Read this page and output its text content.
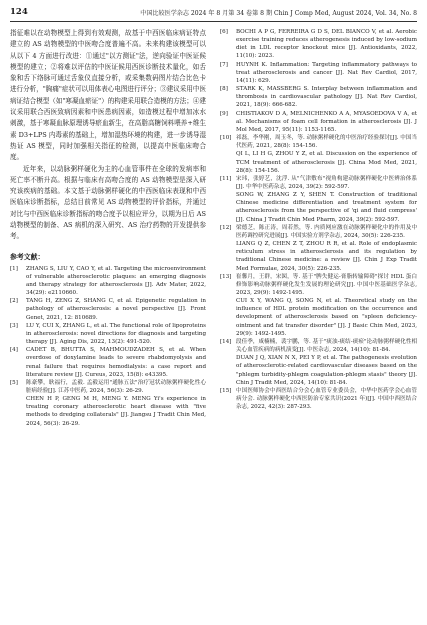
124	中国比较医学杂志 2024 年 8 月第 34 卷第 8 期 Chin J Comp Med, August 2024, Vol. 34, No. 8

指征难以在动物模型上得到有效观测，故基于中西医临床病证特点建立的 AS 动物模型的中医吻合度普遍不高。未来构建该模型可以从以下 4 方面进行改进：①通过"以方测证"法，逆向验证中医证候模型的建立；②将难以评估的中医证候用西医诊断技术量化，如舌象和舌下络脉可通过舌象仪直接分析，或采集数码图片结合比色卡进行分析，"胸痛"症状可以用体表心电图进行评分；③建议采用中医病证结合模型（如"寒凝血瘀证"）的构建采用联合造模的方法；④建议采用联合西医致病因素和中医患病因素，如造模过程中增加冰水刺激，基于寒凝血脉原理诱导瘀血新生，在高脂高糖饲料喂养+维生素 D3+LPS 内毒素的基础上，增加湿热环境的构建，进一步诱导湿热证 AS 模型，同时加强相关指征的检测，以提高中医临床吻合度。

近年来，以动脉粥样硬化为主的心血管事件在全球的发病率和死亡率不断升高。根据与临床有高吻合度的 AS 动物模型是深入研究该疾病的基础。本文基于动脉粥样硬化的中西医临床表现和中西医临床诊断指标，总结目前常见 AS 动物模型的评价指标，并通过对比与中西医临床诊断指标的吻合度予以相应评分，以期为日后 AS 动物模型的制备、AS 病机的深入研究、AS 治疗药物的开发提供参考。

参考文献：
[1] ZHANG S, LIU Y, CAO Y, et al. Targeting the microenvironment of vulnerable atherosclerotic plaques: an emerging diagnosis and therapy strategy for atherosclerosis [J]. Adv Mater, 2022, 34(29): e2110660.
[2] TANG H, ZENG Z, SHANG C, et al. Epigenetic regulation in pathology of atherosclerosis: a novel perspective [J]. Front Genet, 2021, 12: 810689.
[3] LU Y, CUI X, ZHANG L, et al. The functional role of lipoproteins in atherosclerosis: novel directions for diagnosis and targeting therapy [J]. Aging Dis, 2022, 13(2): 491-520.
[4] CADET B, BHUTTA S, MAHMOUDZADEH S, et al. When overdose of doxylamine leads to severe rhabdomyolysis and renal failure that requires hemodialysis: a case report and literature review [J]. Cureus, 2023, 15(8): e43395.
[5] 陈豪攀，耿福行，孟毅. 孟毅运用"通脉五法"治疗冠状动脉粥样硬化性心脏病经验[J]. 江苏中医药, 2024, 56(3): 26-29.
CHEN H P, GENG M H, MENG Y. MENG Yi's experience in treating coronary atherosclerotic heart disease with "five methods to dredging collaterals" [J]. Jiangsu J Tradit Chin Med, 2024, 56(3): 26-29.
[6] BOCHI A P G, FERREIRA G D S, DEL BIANCO V, et al. Aerobic exercise training reduces atherogenesis induced by low-sodium diet in LDL receptor knockout mice [J]. Antioxidants, 2022, 11(10): 2023.
[7] HUYNH K. Inflammation: Targeting inflammatory pathways to treat atherosclerosis and cancer [J]. Nat Rev Cardiol, 2017, 14(11): 629.
[8] STARK K, MASSBERG S. Interplay between inflammation and thrombosis in cardiovascular pathology [J]. Nat Rev Cardiol, 2021, 18(9): 666-682.
[9] CHISTIAKOV D A, MELNICHENKO A A, MYASOEDOVA V A, et al. Mechanisms of foam cell formation in atherosclerosis [J]. J Mol Med, 2017, 95(11): 1153-1165.
[10] 祁磊，李华刚，周玉冬，等. 动脉粥样硬化的中医治疗经验探讨[J]. 中国当代医药, 2021, 28(8): 154-156.
QI L, LI H G, ZHOU Y Z, et al. Discussion on the experience of TCM treatment of atherosclerosis [J]. China Mod Med, 2021, 28(8): 154-156.
[11] 宋玮，张婷艺，沈浮. 从"气津敷布"视角构建动脉粥样硬化中医辨治体系[J]. 中华中医药杂志, 2024, 39(2): 592-597.
SONG W, ZHANG Z Y, SHEN T. Construction of traditional Chinese medicine differentiation and treatment system for atherosclerosis from the perspective of 'qi and fluid compress' [J]. China J Tradit Chin Med Pharm, 2024, 39(2): 592-597.
[12] 梁德芝，陈正涛，周若然，等. 内质网应激在动脉粥样硬化中的作用及中医药调控研究进展[J]. 中国实验方剂学杂志, 2024, 30(5): 226-235.
LIANG Q Z, CHEN Z T, ZHOU R R, et al. Role of endoplasmic reticulum stress in atherosclerosis and its regulation by traditional Chinese medicine: a review [J]. Chin J Exp Tradit Med Formulae, 2024, 30(5): 226-235.
[13] 崔馨月，王群，宋囡，等. 基于"脾失健运-膏脂转输障碍"探讨 HDL 蛋白修饰影响动脉粥样硬化发生发展的理论研究[J]. 中国中医基础医学杂志, 2023, 29(9): 1492-1495.
CUI X Y, WANG Q, SONG N, et al. Theoretical study on the influence of HDL protein modification on the occurrence and development of atherosclerosis based on "spleen deficiency-ointment and fat transfer disorder" [J]. J Basic Chin Med, 2023, 29(9): 1492-1495.
[14] 段佳季，咸楠楠，裴宇鹏，等. 基于"痰浊-痰结-痰瘀"论动脉粥样硬化性相关心血管疾病的病机演变[J]. 中医杂志, 2024, 14(10): 81-84.
DUAN J Q, XIAN N X, PEI Y P, et al. The pathogenesis evolution of atherosclerotic-related cardiovascular diseases based on the "phlegm turbidity-phlegm coagulation-phlegm stasis" theory [J]. Chin J Tradit Med, 2024, 14(10): 81-84.
[15] 中国医师协会中西医结合分会心血管专业委员会，中华中医药学会心血管病分会. 动脉粥样硬化中西医防治专家共识(2021 年)[J]. 中国中西医结合杂志, 2022, 42(3): 287-293.
